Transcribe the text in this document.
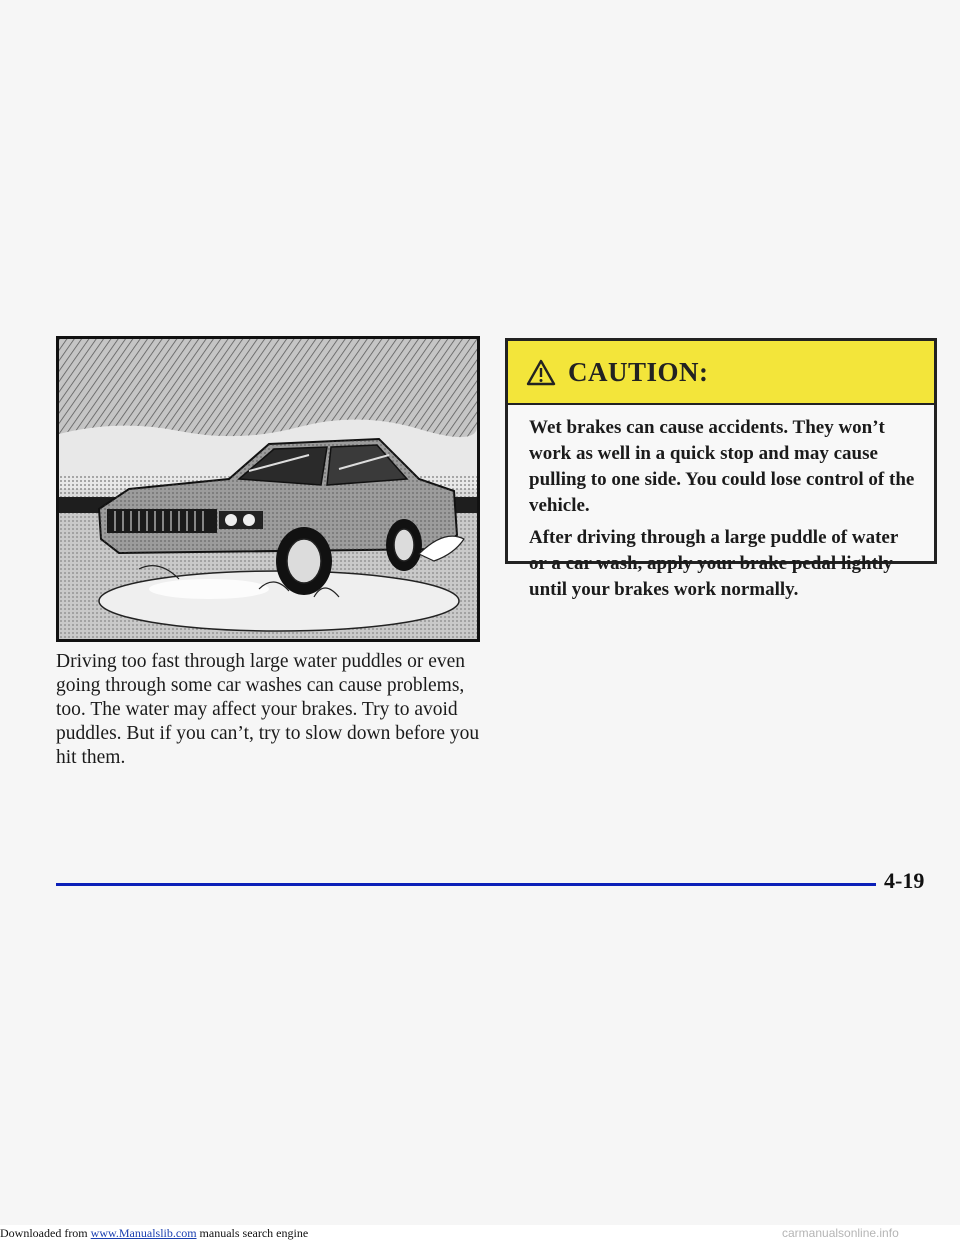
Driving too fast through large water puddles or even going through some car washes can cause problems, too. The water may affect your brakes. Try to avoid puddles. But if you can’t, try to slow down before you hit them.

CAUTION:

Wet brakes can cause accidents. They won’t work as well in a quick stop and may cause pulling to one side. You could lose control of the vehicle.

After driving through a large puddle of water or a car wash, apply your brake pedal lightly until your brakes work normally.

4-19
Downloaded from www.Manualslib.com manuals search engine	carmanualsonline.info
